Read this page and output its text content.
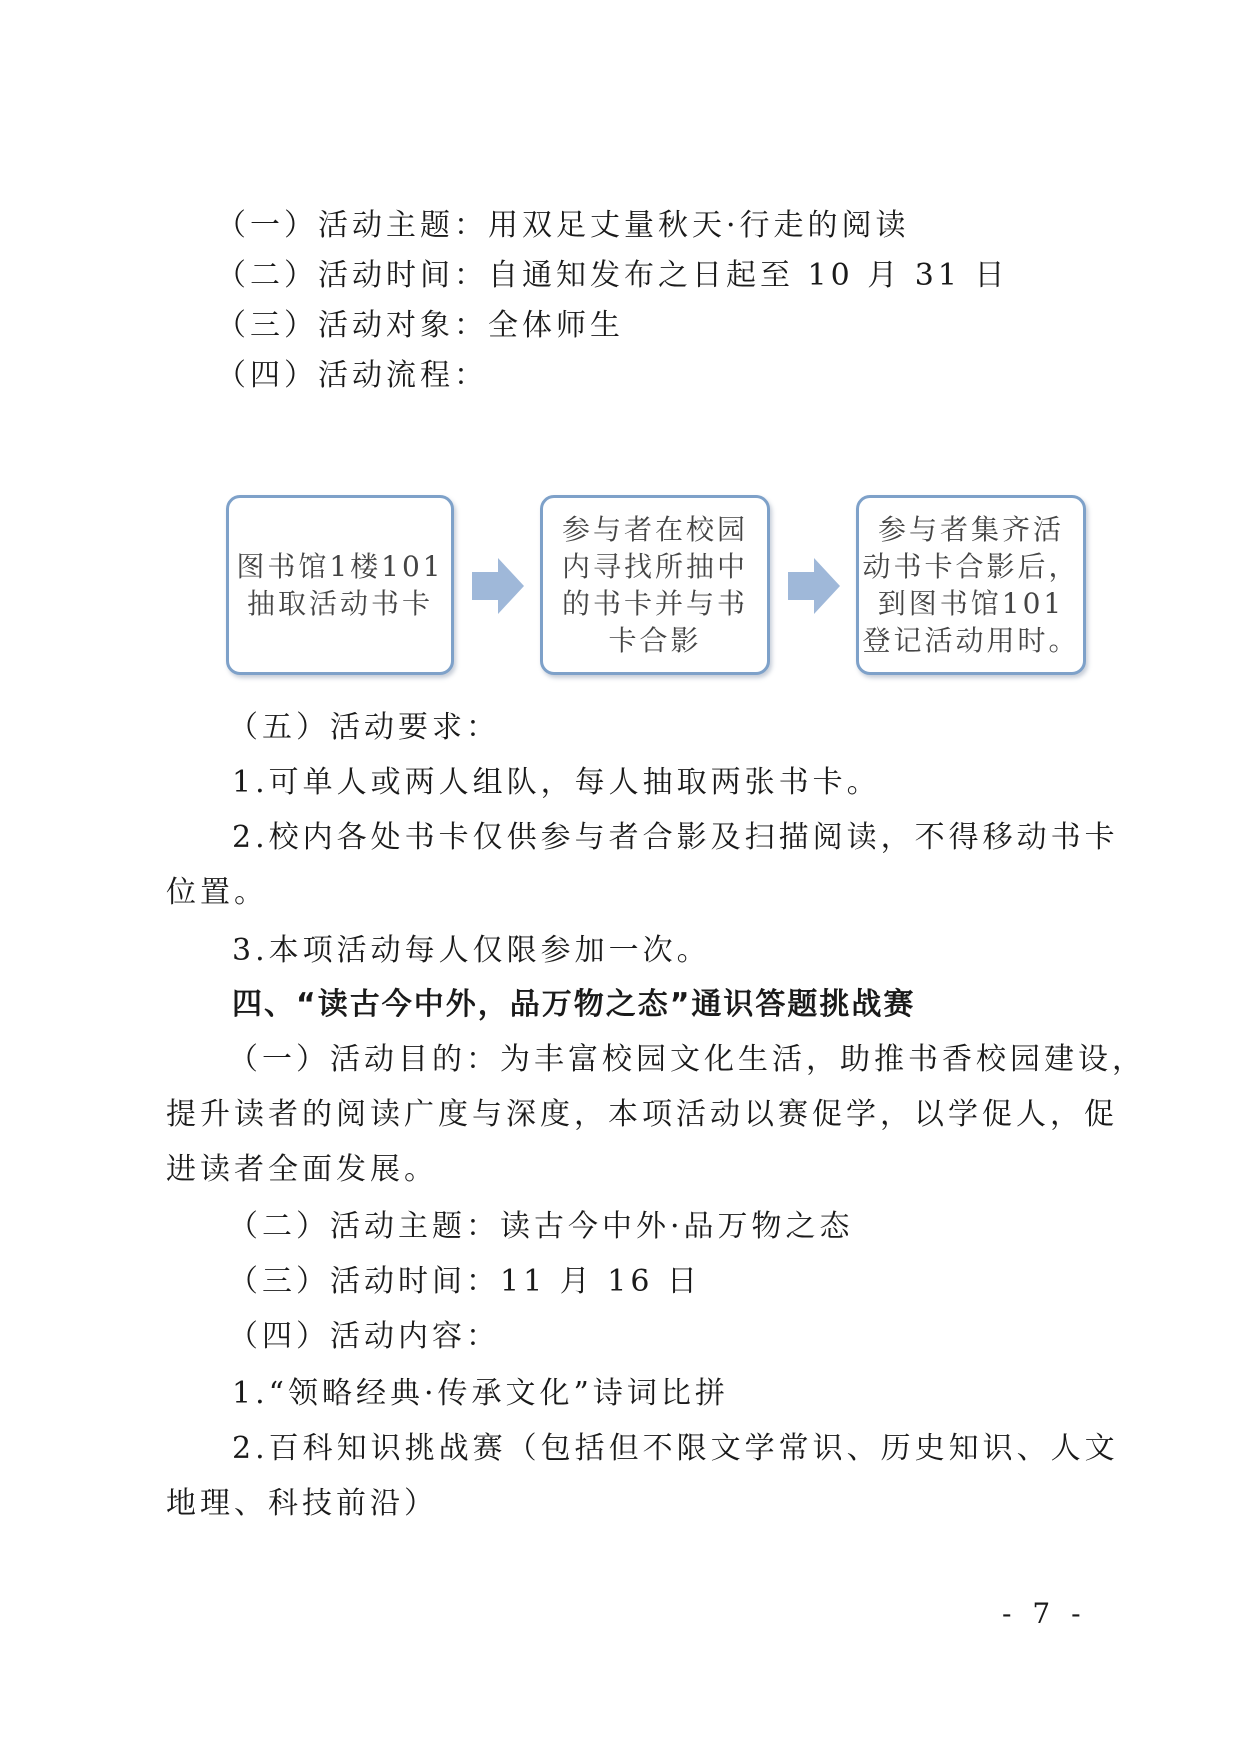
（一）活动主题：用双足丈量秋天·行走的阅读
（二）活动时间：自通知发布之日起至 10 月 31 日
（三）活动对象：全体师生
（四）活动流程：
图书馆1楼101
抽取活动书卡
参与者在校园
内寻找所抽中
的书卡并与书
卡合影
参与者集齐活
动书卡合影后，
到图书馆101
登记活动用时。
（五）活动要求：
1.可单人或两人组队，每人抽取两张书卡。
2.校内各处书卡仅供参与者合影及扫描阅读，不得移动书卡
位置。
3.本项活动每人仅限参加一次。
四、“读古今中外，品万物之态”通识答题挑战赛
（一）活动目的：为丰富校园文化生活，助推书香校园建设，
提升读者的阅读广度与深度，本项活动以赛促学，以学促人，促
进读者全面发展。
（二）活动主题：读古今中外·品万物之态
（三）活动时间：11 月 16 日
（四）活动内容：
1.“领略经典·传承文化”诗词比拼
2.百科知识挑战赛（包括但不限文学常识、历史知识、人文
地理、科技前沿）
- 7 -
